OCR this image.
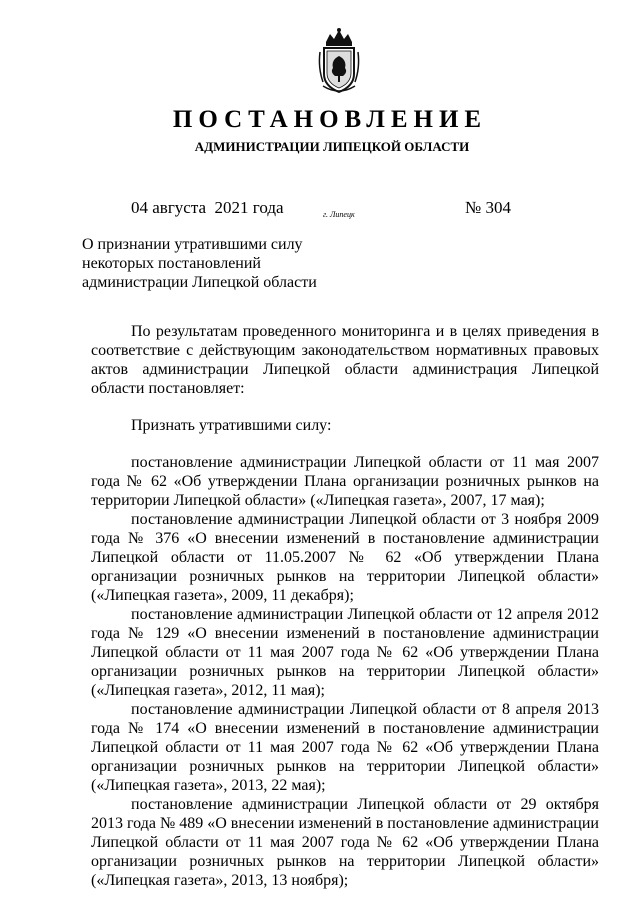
ПОСТАНОВЛЕНИЕ
АДМИНИСТРАЦИИ ЛИПЕЦКОЙ ОБЛАСТИ
04 августа  2021 года	г. Липецк	№ 304
О признании утратившими силу
некоторых постановлений
администрации Липецкой области

По результатам проведенного мониторинга и в целях приведения в соответствие с действующим законодательством нормативных правовых актов администрации Липецкой области администрация Липецкой области постановляет:

Признать утратившими силу:

постановление администрации Липецкой области от 11 мая 2007 года № 62 «Об утверждении Плана организации розничных рынков на территории Липецкой области» («Липецкая газета», 2007, 17 мая);

постановление администрации Липецкой области от 3 ноября 2009 года № 376 «О внесении изменений в постановление администрации Липецкой области от 11.05.2007 № 62 «Об утверждении Плана организации розничных рынков на территории Липецкой области» («Липецкая газета», 2009, 11 декабря);

постановление администрации Липецкой области от 12 апреля 2012 года № 129 «О внесении изменений в постановление администрации Липецкой области от 11 мая 2007 года № 62 «Об утверждении Плана организации розничных рынков на территории Липецкой области» («Липецкая газета», 2012, 11 мая);

постановление администрации Липецкой области от 8 апреля 2013 года № 174 «О внесении изменений в постановление администрации Липецкой области от 11 мая 2007 года № 62 «Об утверждении Плана организации розничных рынков на территории Липецкой области» («Липецкая газета», 2013, 22 мая);

постановление администрации Липецкой области от 29 октября 2013 года № 489 «О внесении изменений в постановление администрации Липецкой области от 11 мая 2007 года № 62 «Об утверждении Плана организации розничных рынков на территории Липецкой области» («Липецкая газета», 2013, 13 ноября);
